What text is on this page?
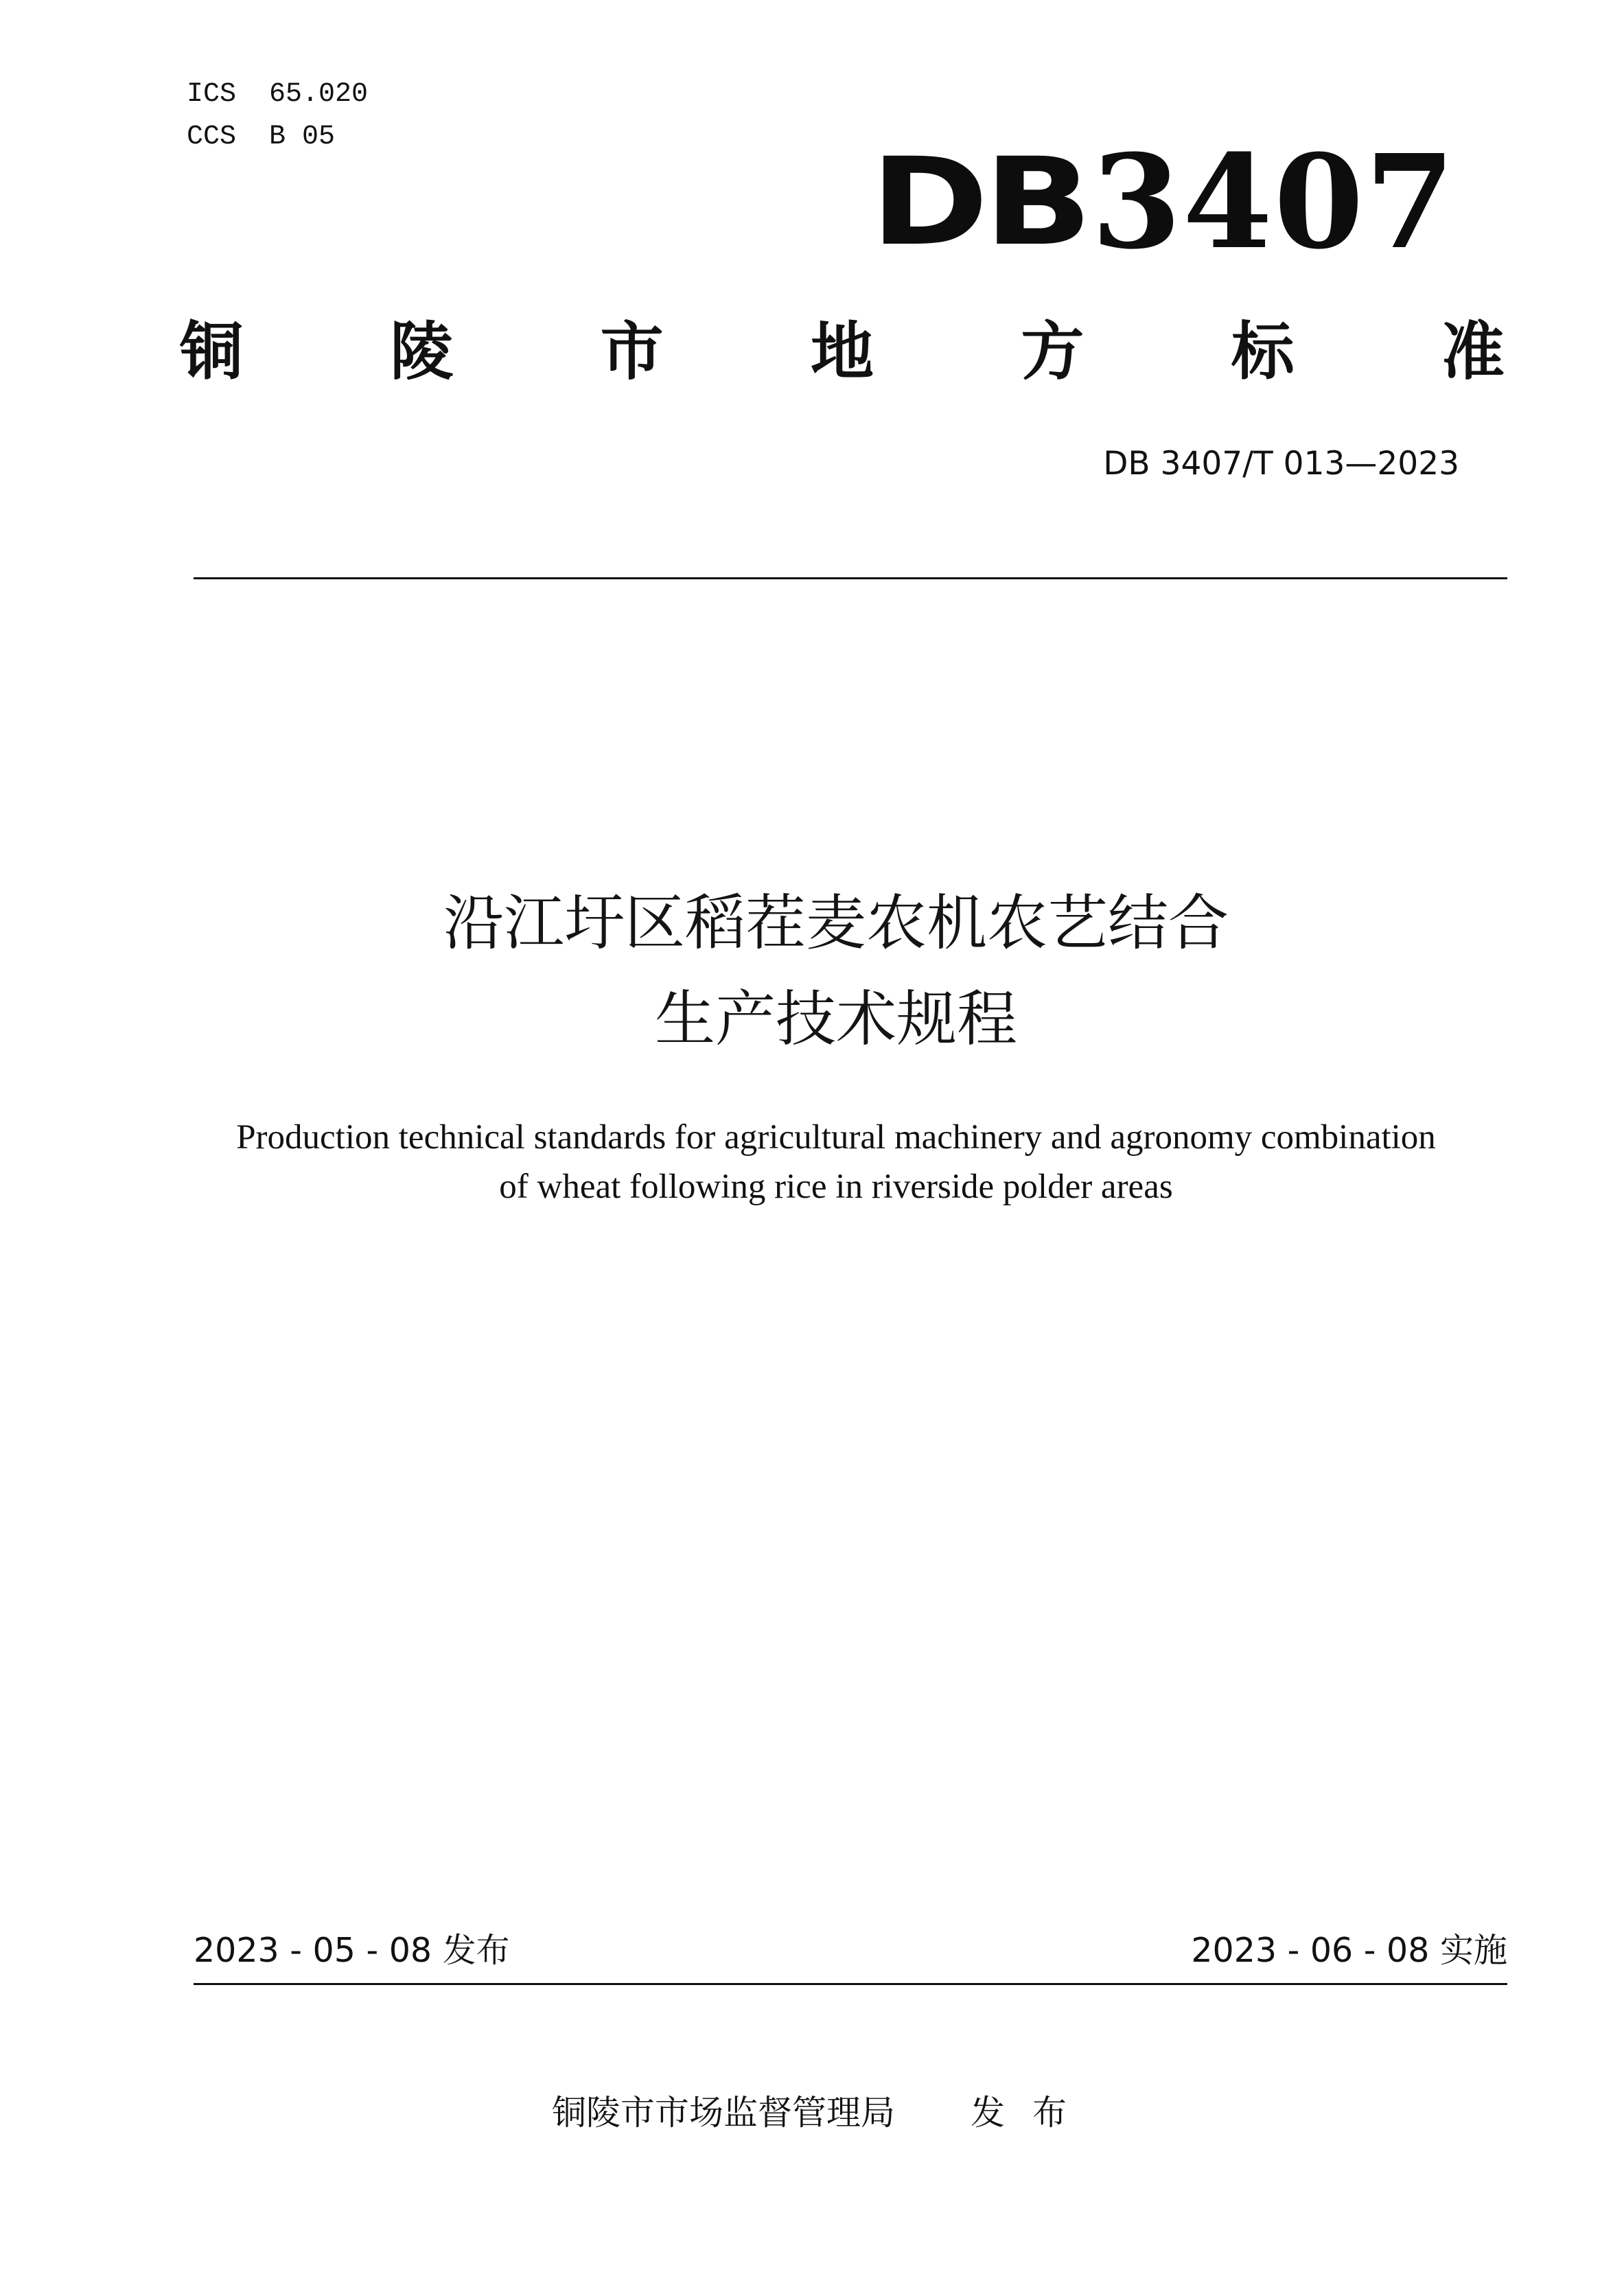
ICS  65.020
CCS  B 05	DB 3407
铜 陵 市 地 方 标 准
DB 3407/T 013—2023
沿江圩区稻茬麦农机农艺结合
生产技术规程
Production technical standards for agricultural machinery and agronomy combination
of wheat following rice in riverside polder areas
2023 - 05 - 08 发布	2023 - 06 - 08 实施
铜陵市市场监督管理局 发布
